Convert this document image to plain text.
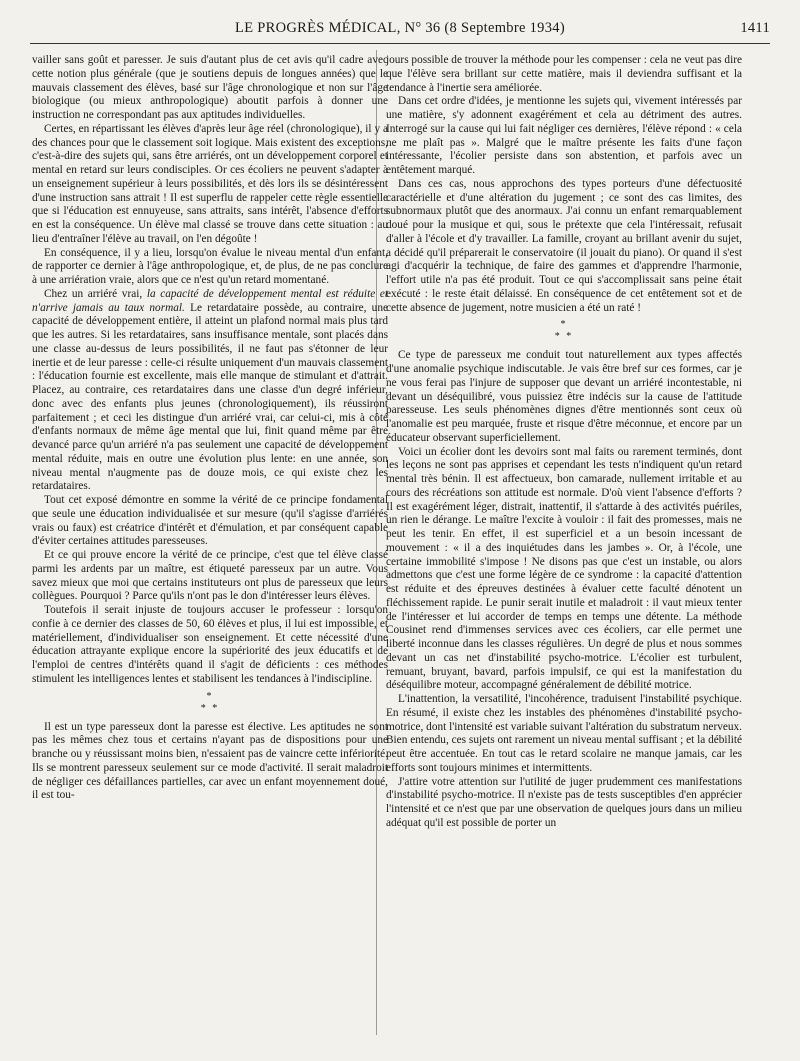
LE PROGRÈS MÉDICAL, N° 36 (8 Septembre 1934)	1411

vailler sans goût et paresser. Je suis d'autant plus de cet avis qu'il cadre avec cette notion plus générale (que je soutiens depuis de longues années) que le mauvais classement des élèves, basé sur l'âge chronologique et non sur l'âge biologique (ou mieux anthropologique) aboutit parfois à donner une instruction ne correspondant pas aux aptitudes individuelles.

Certes, en répartissant les élèves d'après leur âge réel (chronologique), il y a des chances pour que le classement soit logique. Mais existent des exceptions, c'est-à-dire des sujets qui, sans être arriérés, ont un développement corporel et mental en retard sur leurs condisciples. Or ces écoliers ne peuvent s'adapter à un enseignement supérieur à leurs possibilités, et dès lors ils se désintéressent d'une instruction sans attrait ! Il est superflu de rappeler cette règle essentielle que si l'éducation est ennuyeuse, sans attraits, sans intérêt, l'absence d'efforts en est la conséquence. Un élève mal classé se trouve dans cette situation : au lieu d'entraîner l'élève au travail, on l'en dégoûte !

En conséquence, il y a lieu, lorsqu'on évalue le niveau mental d'un enfant, de rapporter ce dernier à l'âge anthropologique, et, de plus, de ne pas conclure à une arriération vraie, alors que ce n'est qu'un retard momentané.

Chez un arriéré vrai, la capacité de développement mental est réduite et n'arrive jamais au taux normal. Le retardataire possède, au contraire, une capacité de développement entière, il atteint un plafond normal mais plus tard que les autres. Si les retardataires, sans insuffisance mentale, sont placés dans une classe au-dessus de leurs possibilités, il ne faut pas s'étonner de leur inertie et de leur paresse : celle-ci résulte uniquement d'un mauvais classement : l'éducation fournie est excellente, mais elle manque de stimulant et d'attrait. Placez, au contraire, ces retardataires dans une classe d'un degré inférieur, donc avec des enfants plus jeunes (chronologiquement), ils réussiront parfaitement ; et ceci les distingue d'un arriéré vrai, car celui-ci, mis à côté d'enfants normaux de même âge mental que lui, finit quand même par être devancé parce qu'un arriéré n'a pas seulement une capacité de développement mental réduite, mais en outre une évolution plus lente: en une année, son niveau mental n'augmente pas de douze mois, ce qui existe chez les retardataires.

Tout cet exposé démontre en somme la vérité de ce principe fondamental que seule une éducation individualisée et sur mesure (qu'il s'agisse d'arriérés vrais ou faux) est créatrice d'intérêt et d'émulation, et par conséquent capable d'éviter certaines attitudes paresseuses.

Et ce qui prouve encore la vérité de ce principe, c'est que tel élève classé parmi les ardents par un maître, est étiqueté paresseux par un autre. Vous savez mieux que moi que certains instituteurs ont plus de paresseux que leurs collègues. Pourquoi ? Parce qu'ils n'ont pas le don d'intéresser leurs élèves.

Toutefois il serait injuste de toujours accuser le professeur : lorsqu'on confie à ce dernier des classes de 50, 60 élèves et plus, il lui est impossible, et matériellement, d'individualiser son enseignement. Et cette nécessité d'une éducation attrayante explique encore la supériorité des jeux éducatifs et de l'emploi de centres d'intérêts quand il s'agit de déficients : ces méthodes stimulent les intelligences lentes et stabilisent les tendances à l'indiscipline.

*
* *

Il est un type paresseux dont la paresse est élective. Les aptitudes ne sont pas les mêmes chez tous et certains n'ayant pas de dispositions pour une branche ou y réussissant moins bien, n'essaient pas de vaincre cette infériorité. Ils se montrent paresseux seulement sur ce mode d'activité. Il serait maladroit de négliger ces défaillances partielles, car avec un enfant moyennement doué, il est tou-

jours possible de trouver la méthode pour les compenser : cela ne veut pas dire que l'élève sera brillant sur cette matière, mais il deviendra suffisant et la tendance à l'inertie sera améliorée.

Dans cet ordre d'idées, je mentionne les sujets qui, vivement intéressés par une matière, s'y adonnent exagérément et cela au détriment des autres. Interrogé sur la cause qui lui fait négliger ces dernières, l'élève répond : « cela ne me plaît pas ». Malgré que le maître présente les faits d'une façon intéressante, l'écolier persiste dans son abstention, et parfois avec un entêtement marqué.

Dans ces cas, nous approchons des types porteurs d'une défectuosité caractérielle et d'une altération du jugement ; ce sont des cas limites, des subnormaux plutôt que des anormaux. J'ai connu un enfant remarquablement doué pour la musique et qui, sous le prétexte que cela l'intéressait, refusait d'aller à l'école et d'y travailler. La famille, croyant au brillant avenir du sujet, a décidé qu'il préparerait le conservatoire (il jouait du piano). Or quand il s'est agi d'acquérir la technique, de faire des gammes et d'apprendre l'harmonie, l'effort utile n'a pas été produit. Tout ce qui s'accomplissait sans peine était exécuté : le reste était délaissé. En conséquence de cet entêtement sot et de cette absence de jugement, notre musicien a été un raté !

*
* *

Ce type de paresseux me conduit tout naturellement aux types affectés d'une anomalie psychique indiscutable. Je vais être bref sur ces formes, car je ne vous ferai pas l'injure de supposer que devant un arriéré incontestable, ni devant un déséquilibré, vous puissiez être indécis sur la cause de l'attitude paresseuse. Les seuls phénomènes dignes d'être mentionnés sont ceux où l'anomalie est peu marquée, fruste et risque d'être méconnue, et encore par un éducateur observant superficiellement.

Voici un écolier dont les devoirs sont mal faits ou rarement terminés, dont les leçons ne sont pas apprises et cependant les tests n'indiquent qu'un retard mental très bénin. Il est affectueux, bon camarade, nullement irritable et au cours des récréations son attitude est normale. D'où vient l'absence d'efforts ? Il est exagérément léger, distrait, inattentif, il s'attarde à des activités puériles, un rien le dérange. Le maître l'excite à vouloir : il fait des promesses, mais ne peut les tenir. En effet, il est superficiel et a un besoin incessant de mouvement : « il a des inquiétudes dans les jambes ». Or, à l'école, une certaine immobilité s'impose ! Ne disons pas que c'est un instable, ou alors admettons que c'est une forme légère de ce syndrome : la capacité d'attention est réduite et des épreuves destinées à évaluer cette faculté dénotent un fléchissement rapide. Le punir serait inutile et maladroit : il vaut mieux tenter de l'intéresser et lui accorder de temps en temps une détente. La méthode Cousinet rend d'immenses services avec ces écoliers, car elle permet une liberté inconnue dans les classes régulières. Un degré de plus et nous sommes devant un cas net d'instabilité psycho-motrice. L'écolier est turbulent, remuant, bruyant, bavard, parfois impulsif, ce qui est la manifestation du déséquilibre moteur, accompagné généralement de débilité motrice.

L'inattention, la versatilité, l'incohérence, traduisent l'instabilité psychique. En résumé, il existe chez les instables des phénomènes d'instabilité psycho-motrice, dont l'intensité est variable suivant l'altération du substratum nerveux. Bien entendu, ces sujets ont rarement un niveau mental suffisant ; et la débilité peut être accentuée. En tout cas le retard scolaire ne manque jamais, car les efforts sont toujours minimes et intermittents.

J'attire votre attention sur l'utilité de juger prudemment ces manifestations d'instabilité psycho-motrice. Il n'existe pas de tests susceptibles d'en apprécier l'intensité et ce n'est que par une observation de quelques jours dans un milieu adéquat qu'il est possible de porter un
